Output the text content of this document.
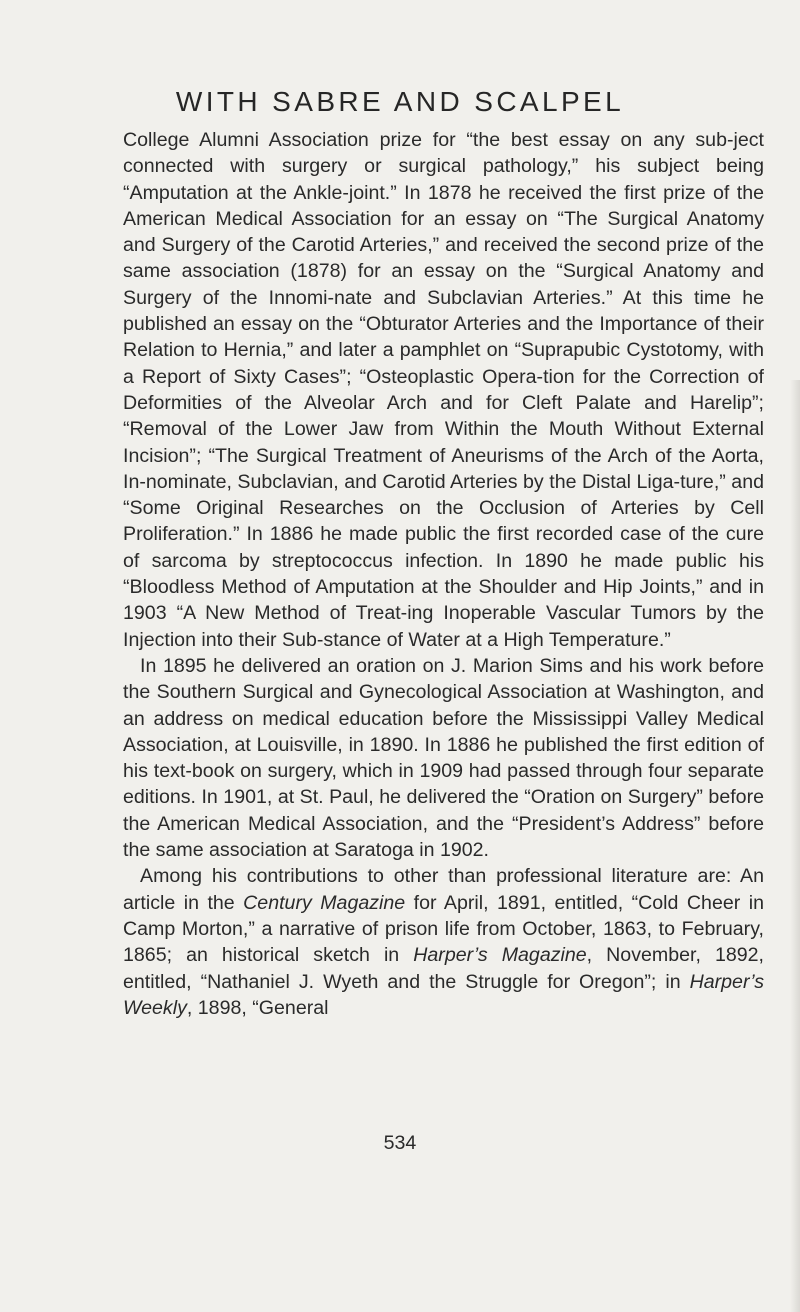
WITH SABRE AND SCALPEL

College Alumni Association prize for “the best essay on any sub-ject connected with surgery or surgical pathology,” his subject being “Amputation at the Ankle-joint.” In 1878 he received the first prize of the American Medical Association for an essay on “The Surgical Anatomy and Surgery of the Carotid Arteries,” and received the second prize of the same association (1878) for an essay on the “Surgical Anatomy and Surgery of the Innomi-nate and Subclavian Arteries.” At this time he published an essay on the “Obturator Arteries and the Importance of their Relation to Hernia,” and later a pamphlet on “Suprapubic Cystotomy, with a Report of Sixty Cases”; “Osteoplastic Opera-tion for the Correction of Deformities of the Alveolar Arch and for Cleft Palate and Harelip”; “Removal of the Lower Jaw from Within the Mouth Without External Incision”; “The Surgical Treatment of Aneurisms of the Arch of the Aorta, In-nominate, Subclavian, and Carotid Arteries by the Distal Liga-ture,” and “Some Original Researches on the Occlusion of Arteries by Cell Proliferation.” In 1886 he made public the first recorded case of the cure of sarcoma by streptococcus infection. In 1890 he made public his “Bloodless Method of Amputation at the Shoulder and Hip Joints,” and in 1903 “A New Method of Treat-ing Inoperable Vascular Tumors by the Injection into their Sub-stance of Water at a High Temperature.”

In 1895 he delivered an oration on J. Marion Sims and his work before the Southern Surgical and Gynecological Association at Washington, and an address on medical education before the Mississippi Valley Medical Association, at Louisville, in 1890. In 1886 he published the first edition of his text-book on surgery, which in 1909 had passed through four separate editions. In 1901, at St. Paul, he delivered the “Oration on Surgery” before the American Medical Association, and the “President’s Address” before the same association at Saratoga in 1902.

Among his contributions to other than professional literature are: An article in the Century Magazine for April, 1891, entitled, “Cold Cheer in Camp Morton,” a narrative of prison life from October, 1863, to February, 1865; an historical sketch in Harper’s Magazine, November, 1892, entitled, “Nathaniel J. Wyeth and the Struggle for Oregon”; in Harper’s Weekly, 1898, “General

534
